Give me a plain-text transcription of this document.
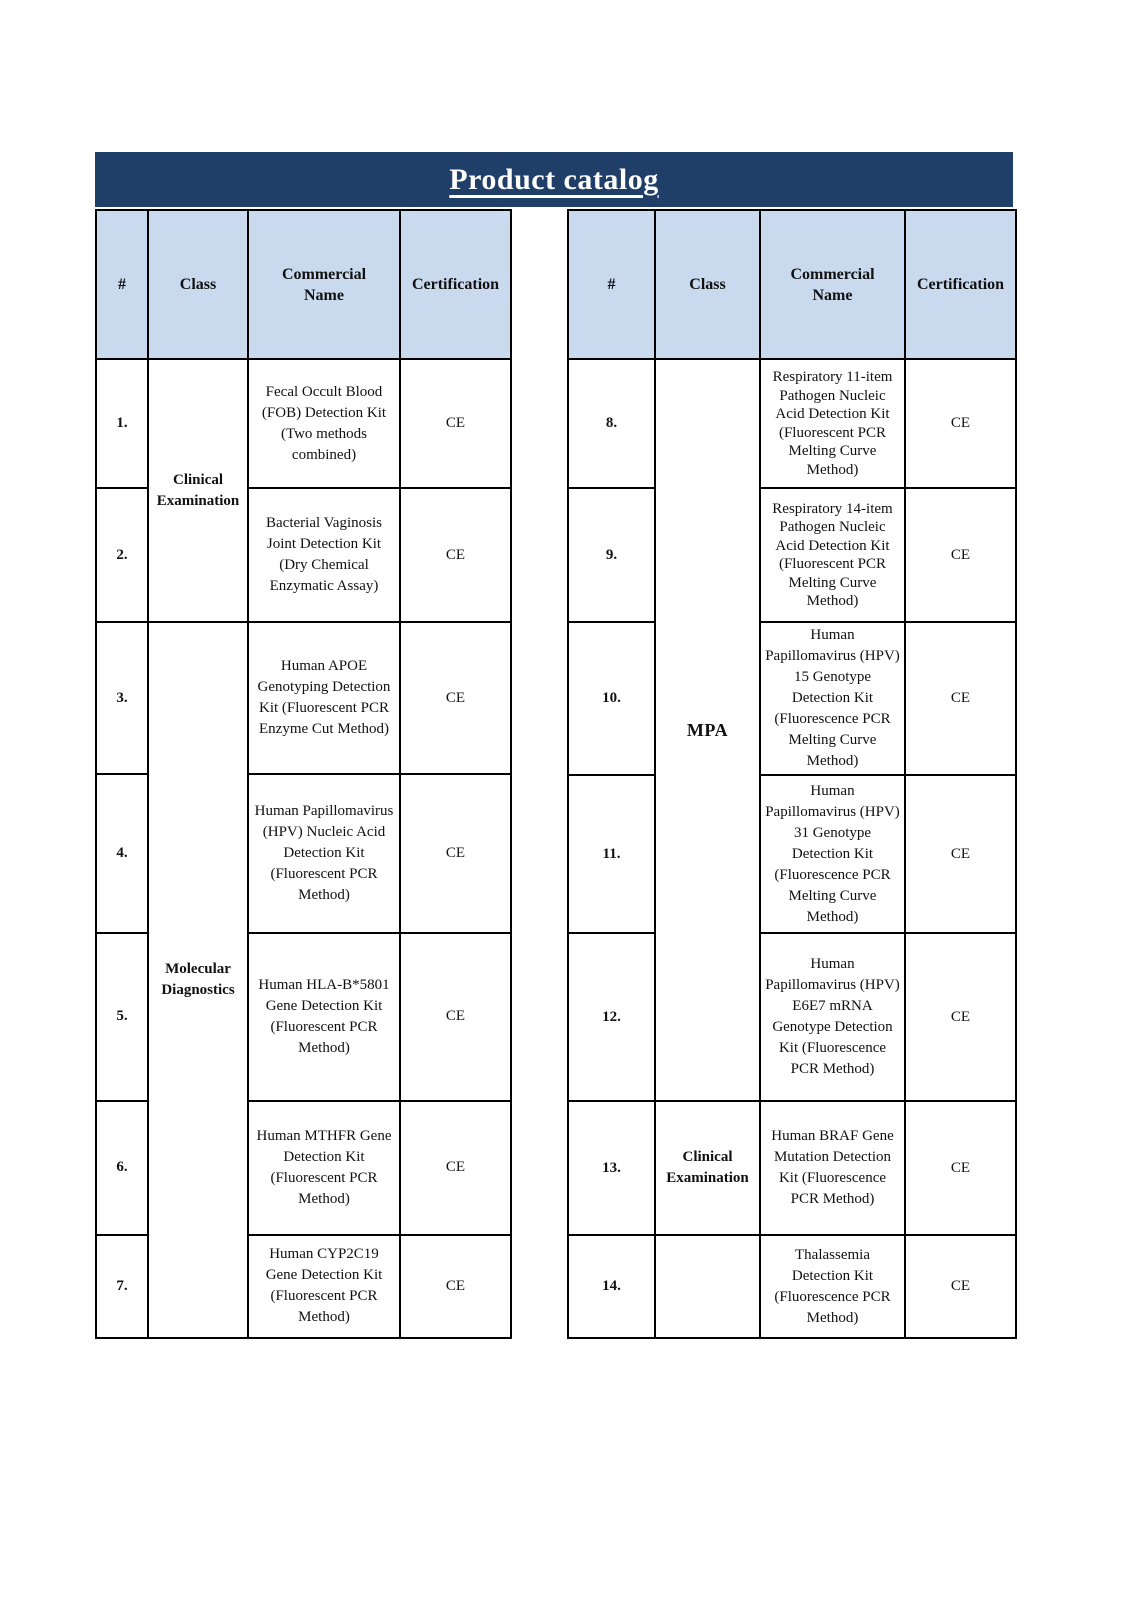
Product catalog
#	Class	Commercial Name	Certification
1.	Clinical Examination	Fecal Occult Blood (FOB) Detection Kit (Two methods combined)	CE
2.		Bacterial Vaginosis Joint Detection Kit (Dry Chemical Enzymatic Assay)	CE
3.	Molecular Diagnostics	Human APOE Genotyping Detection Kit (Fluorescent PCR Enzyme Cut Method)	CE
4.		Human Papillomavirus (HPV) Nucleic Acid Detection Kit (Fluorescent PCR Method)	CE
5.		Human HLA-B*5801 Gene Detection Kit (Fluorescent PCR Method)	CE
6.		Human MTHFR Gene Detection Kit (Fluorescent PCR Method)	CE
7.		Human CYP2C19 Gene Detection Kit (Fluorescent PCR Method)	CE
#	Class	Commercial Name	Certification
8.	MPA	Respiratory 11-item Pathogen Nucleic Acid Detection Kit (Fluorescent PCR Melting Curve Method)	CE
9.		Respiratory 14-item Pathogen Nucleic Acid Detection Kit (Fluorescent PCR Melting Curve Method)	CE
10.		Human Papillomavirus (HPV) 15 Genotype Detection Kit (Fluorescence PCR Melting Curve Method)	CE
11.		Human Papillomavirus (HPV) 31 Genotype Detection Kit (Fluorescence PCR Melting Curve Method)	CE
12.		Human Papillomavirus (HPV) E6E7 mRNA Genotype Detection Kit (Fluorescence PCR Method)	CE
13.	Clinical Examination	Human BRAF Gene Mutation Detection Kit (Fluorescence PCR Method)	CE
14.		Thalassemia Detection Kit (Fluorescence PCR Method)	CE
